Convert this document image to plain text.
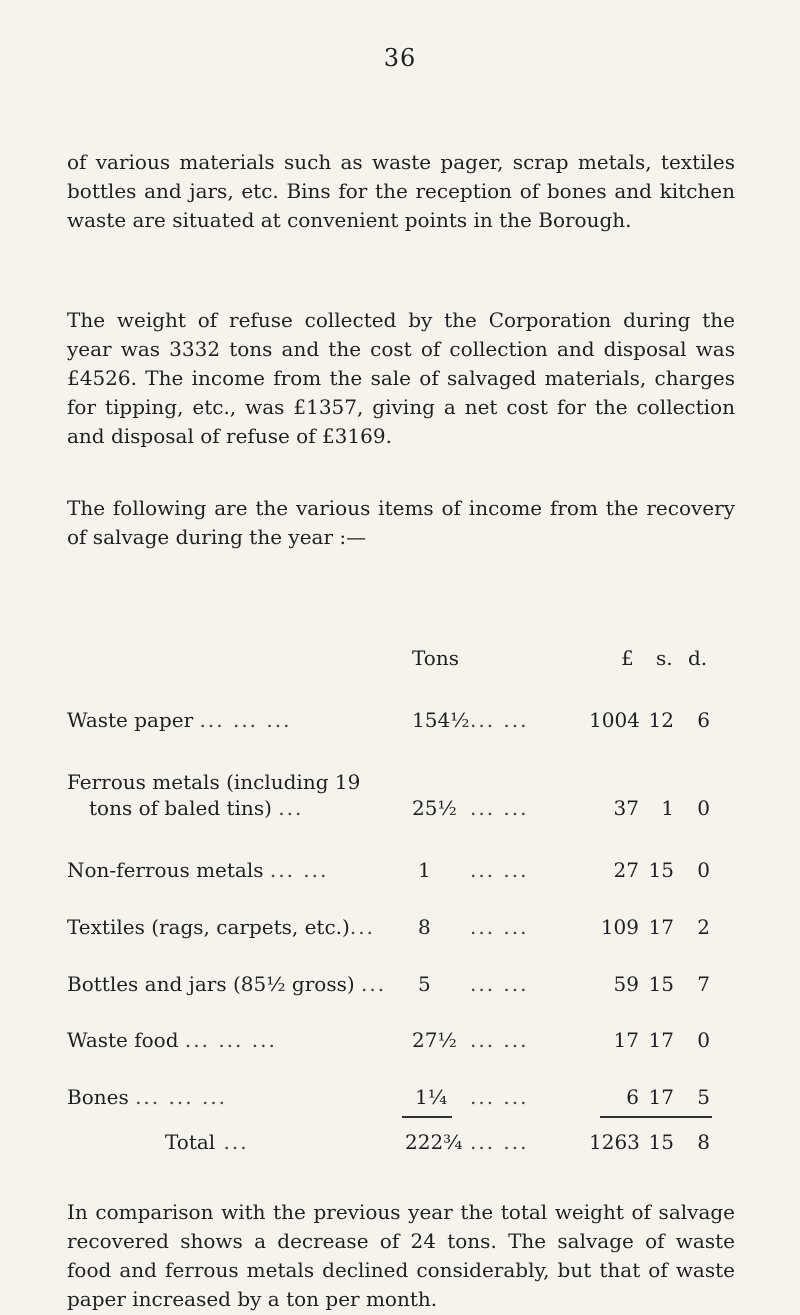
36

of various materials such as waste pager, scrap metals, textiles bottles and jars, etc. Bins for the reception of bones and kitchen waste are situated at convenient points in the Borough.

The weight of refuse collected by the Corporation during the year was 3332 tons and the cost of collection and disposal was £4526. The income from the sale of salvaged materials, charges for tipping, etc., was £1357, giving a net cost for the collection and disposal of refuse of £3169.

The following are the various items of income from the recovery of salvage during the year :—

Tons	£ s. d.
Waste paper ... ... ...	154½ ... ...	1004 12	6
Ferrous metals (including 19
tons of baled tins) ...	25½ ... ...	37	1	0
Non-ferrous metals ... ...	1 ... ...	27 15	0
Textiles (rags, carpets, etc.)... 8 ... ...	109 17	2
Bottles and jars (85½ gross) ... 5 ... ...	59 15	7
Waste food ... ... ...	27½ ... ...	17 17	0
Bones ... ... ...	1¼ ... ...	6 17	5
Total ...	222¾ ... ...	1263 15	8

In comparison with the previous year the total weight of salvage recovered shows a decrease of 24 tons. The salvage of waste food and ferrous metals declined considerably, but that of waste paper increased by a ton per month.
